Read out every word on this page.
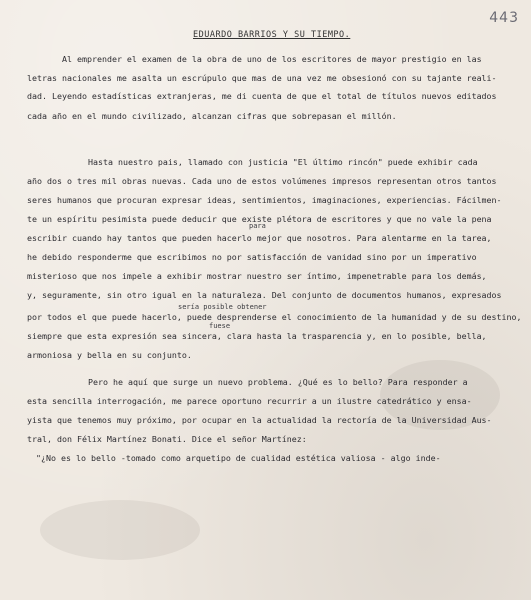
443
EDUARDO BARRIOS Y SU TIEMPO.
Al emprender el examen de la obra de uno de los escritores de mayor prestigio en las
letras nacionales me asalta un escrúpulo que mas de una vez me obsesionó con su tajante reali-
dad. Leyendo estadísticas extranjeras, me di cuenta de que el total de títulos nuevos editados
cada año en el mundo civilizado, alcanzan cifras que sobrepasan el millón.
Hasta nuestro pais, llamado con justicia "El último rincón" puede exhibir cada
año dos o tres mil obras nuevas. Cada uno de estos volúmenes impresos representan otros tantos
seres humanos que procuran expresar ideas, sentimientos, imaginaciones, experiencias. Fácilmen-
te un espíritu pesimista puede deducir que existe plétora de escritores y que no vale la pena
escribir cuando hay tantos que pueden hacerlo mejor que nosotros. Para alentarme en la tarea,
para
he debido responderme que escribimos no por satisfacción de vanidad sino por un imperativo
misterioso que nos impele a exhibir mostrar nuestro ser íntimo, impenetrable para los demás,
y, seguramente, sin otro igual en la naturaleza. Del conjunto de documentos humanos, expresados
sería posible obtener
por todos el que puede hacerlo, puede desprenderse el conocimiento de la humanidad y de su destino,
fuese
siempre que esta expresión sea sincera, clara hasta la trasparencia y, en lo posible, bella,
armoniosa y bella en su conjunto.
Pero he aquí que surge un nuevo problema. ¿Qué es lo bello? Para responder a
esta sencilla interrogación, me parece oportuno recurrir a un ilustre catedrático y ensa-
yista que tenemos muy próximo, por ocupar en la actualidad la rectoría de la Universidad Aus-
tral, don Félix Martínez Bonati. Dice el señor Martínez:
"¿No es lo bello -tomado como arquetipo de cualidad estética valiosa - algo inde-
